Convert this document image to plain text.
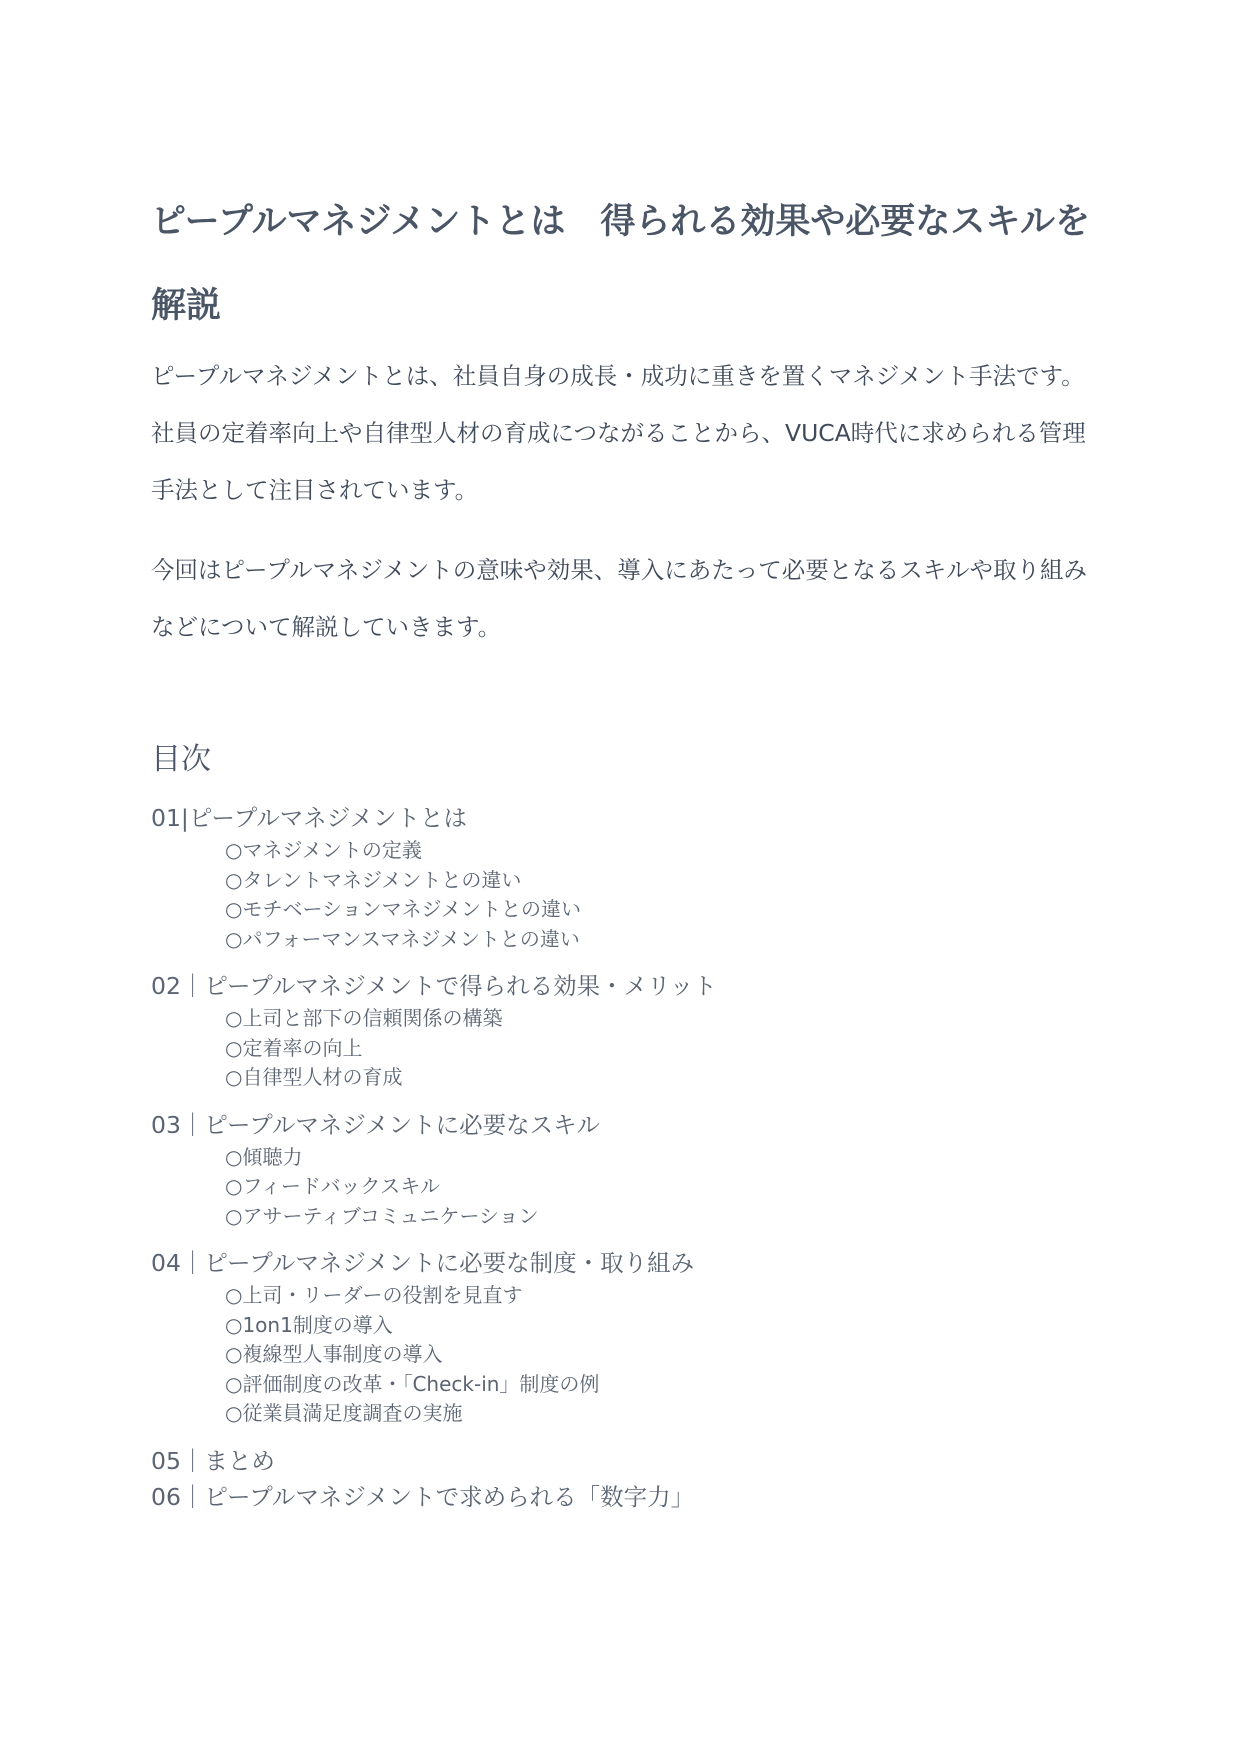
ピープルマネジメントとは　得られる効果や必要なスキルを解説

ピープルマネジメントとは、社員自身の成長・成功に重きを置くマネジメント手法です。社員の定着率向上や自律型人材の育成につながることから、VUCA時代に求められる管理手法として注目されています。

今回はピープルマネジメントの意味や効果、導入にあたって必要となるスキルや取り組みなどについて解説していきます。

目次

01|ピープルマネジメントとは

○マネジメントの定義
○タレントマネジメントとの違い
○モチベーションマネジメントとの違い
○パフォーマンスマネジメントとの違い

02｜ピープルマネジメントで得られる効果・メリット

○上司と部下の信頼関係の構築
○定着率の向上
○自律型人材の育成

03｜ピープルマネジメントに必要なスキル

○傾聴力
○フィードバックスキル
○アサーティブコミュニケーション

04｜ピープルマネジメントに必要な制度・取り組み

○上司・リーダーの役割を見直す
○1on1制度の導入
○複線型人事制度の導入
○評価制度の改革・「Check-in」制度の例
○従業員満足度調査の実施

05｜まとめ

06｜ピープルマネジメントで求められる「数字力」
